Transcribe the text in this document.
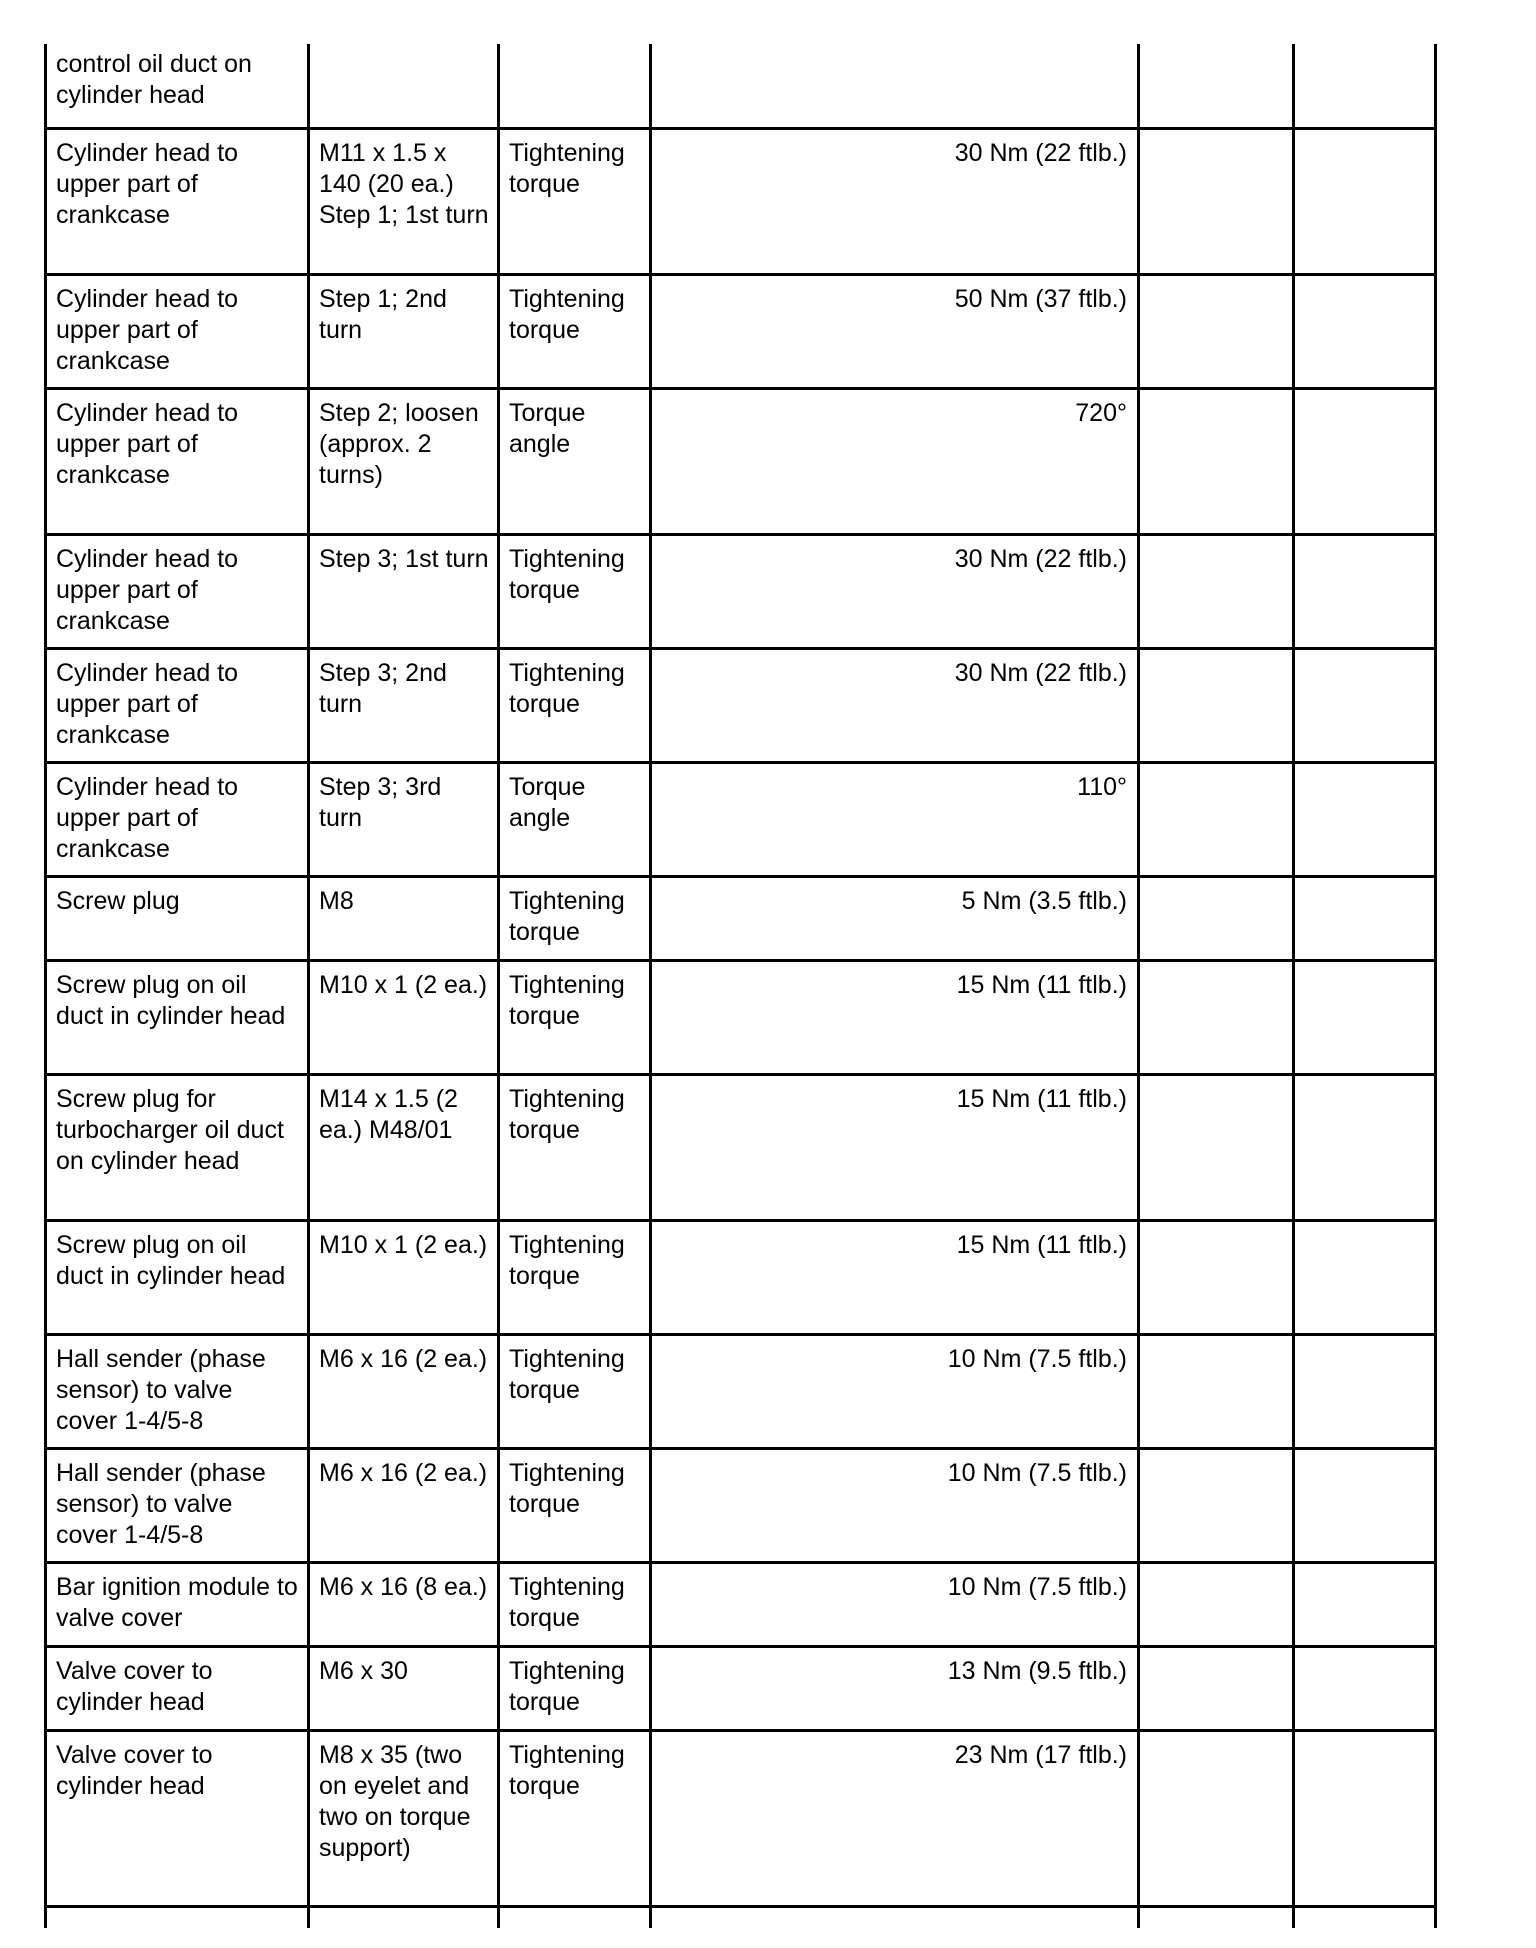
control oil duct on cylinder head					
Cylinder head to upper part of crankcase	M11 x 1.5 x 140 (20 ea.) Step 1; 1st turn	Tightening torque	30 Nm (22 ftlb.)		
Cylinder head to upper part of crankcase	Step 1; 2nd turn	Tightening torque	50 Nm (37 ftlb.)		
Cylinder head to upper part of crankcase	Step 2; loosen (approx. 2 turns)	Torque angle	720°		
Cylinder head to upper part of crankcase	Step 3; 1st turn	Tightening torque	30 Nm (22 ftlb.)		
Cylinder head to upper part of crankcase	Step 3; 2nd turn	Tightening torque	30 Nm (22 ftlb.)		
Cylinder head to upper part of crankcase	Step 3; 3rd turn	Torque angle	110°		
Screw plug	M8	Tightening torque	5 Nm (3.5 ftlb.)		
Screw plug on oil duct in cylinder head	M10 x 1 (2 ea.)	Tightening torque	15 Nm (11 ftlb.)		
Screw plug for turbocharger oil duct on cylinder head	M14 x 1.5 (2 ea.) M48/01	Tightening torque	15 Nm (11 ftlb.)		
Screw plug on oil duct in cylinder head	M10 x 1 (2 ea.)	Tightening torque	15 Nm (11 ftlb.)		
Hall sender (phase sensor) to valve cover 1-4/5-8	M6 x 16 (2 ea.)	Tightening torque	10 Nm (7.5 ftlb.)		
Hall sender (phase sensor) to valve cover 1-4/5-8	M6 x 16 (2 ea.)	Tightening torque	10 Nm (7.5 ftlb.)		
Bar ignition module to valve cover	M6 x 16 (8 ea.)	Tightening torque	10 Nm (7.5 ftlb.)		
Valve cover to cylinder head	M6 x 30	Tightening torque	13 Nm (9.5 ftlb.)		
Valve cover to cylinder head	M8 x 35 (two on eyelet and two on torque support)	Tightening torque	23 Nm (17 ftlb.)		
